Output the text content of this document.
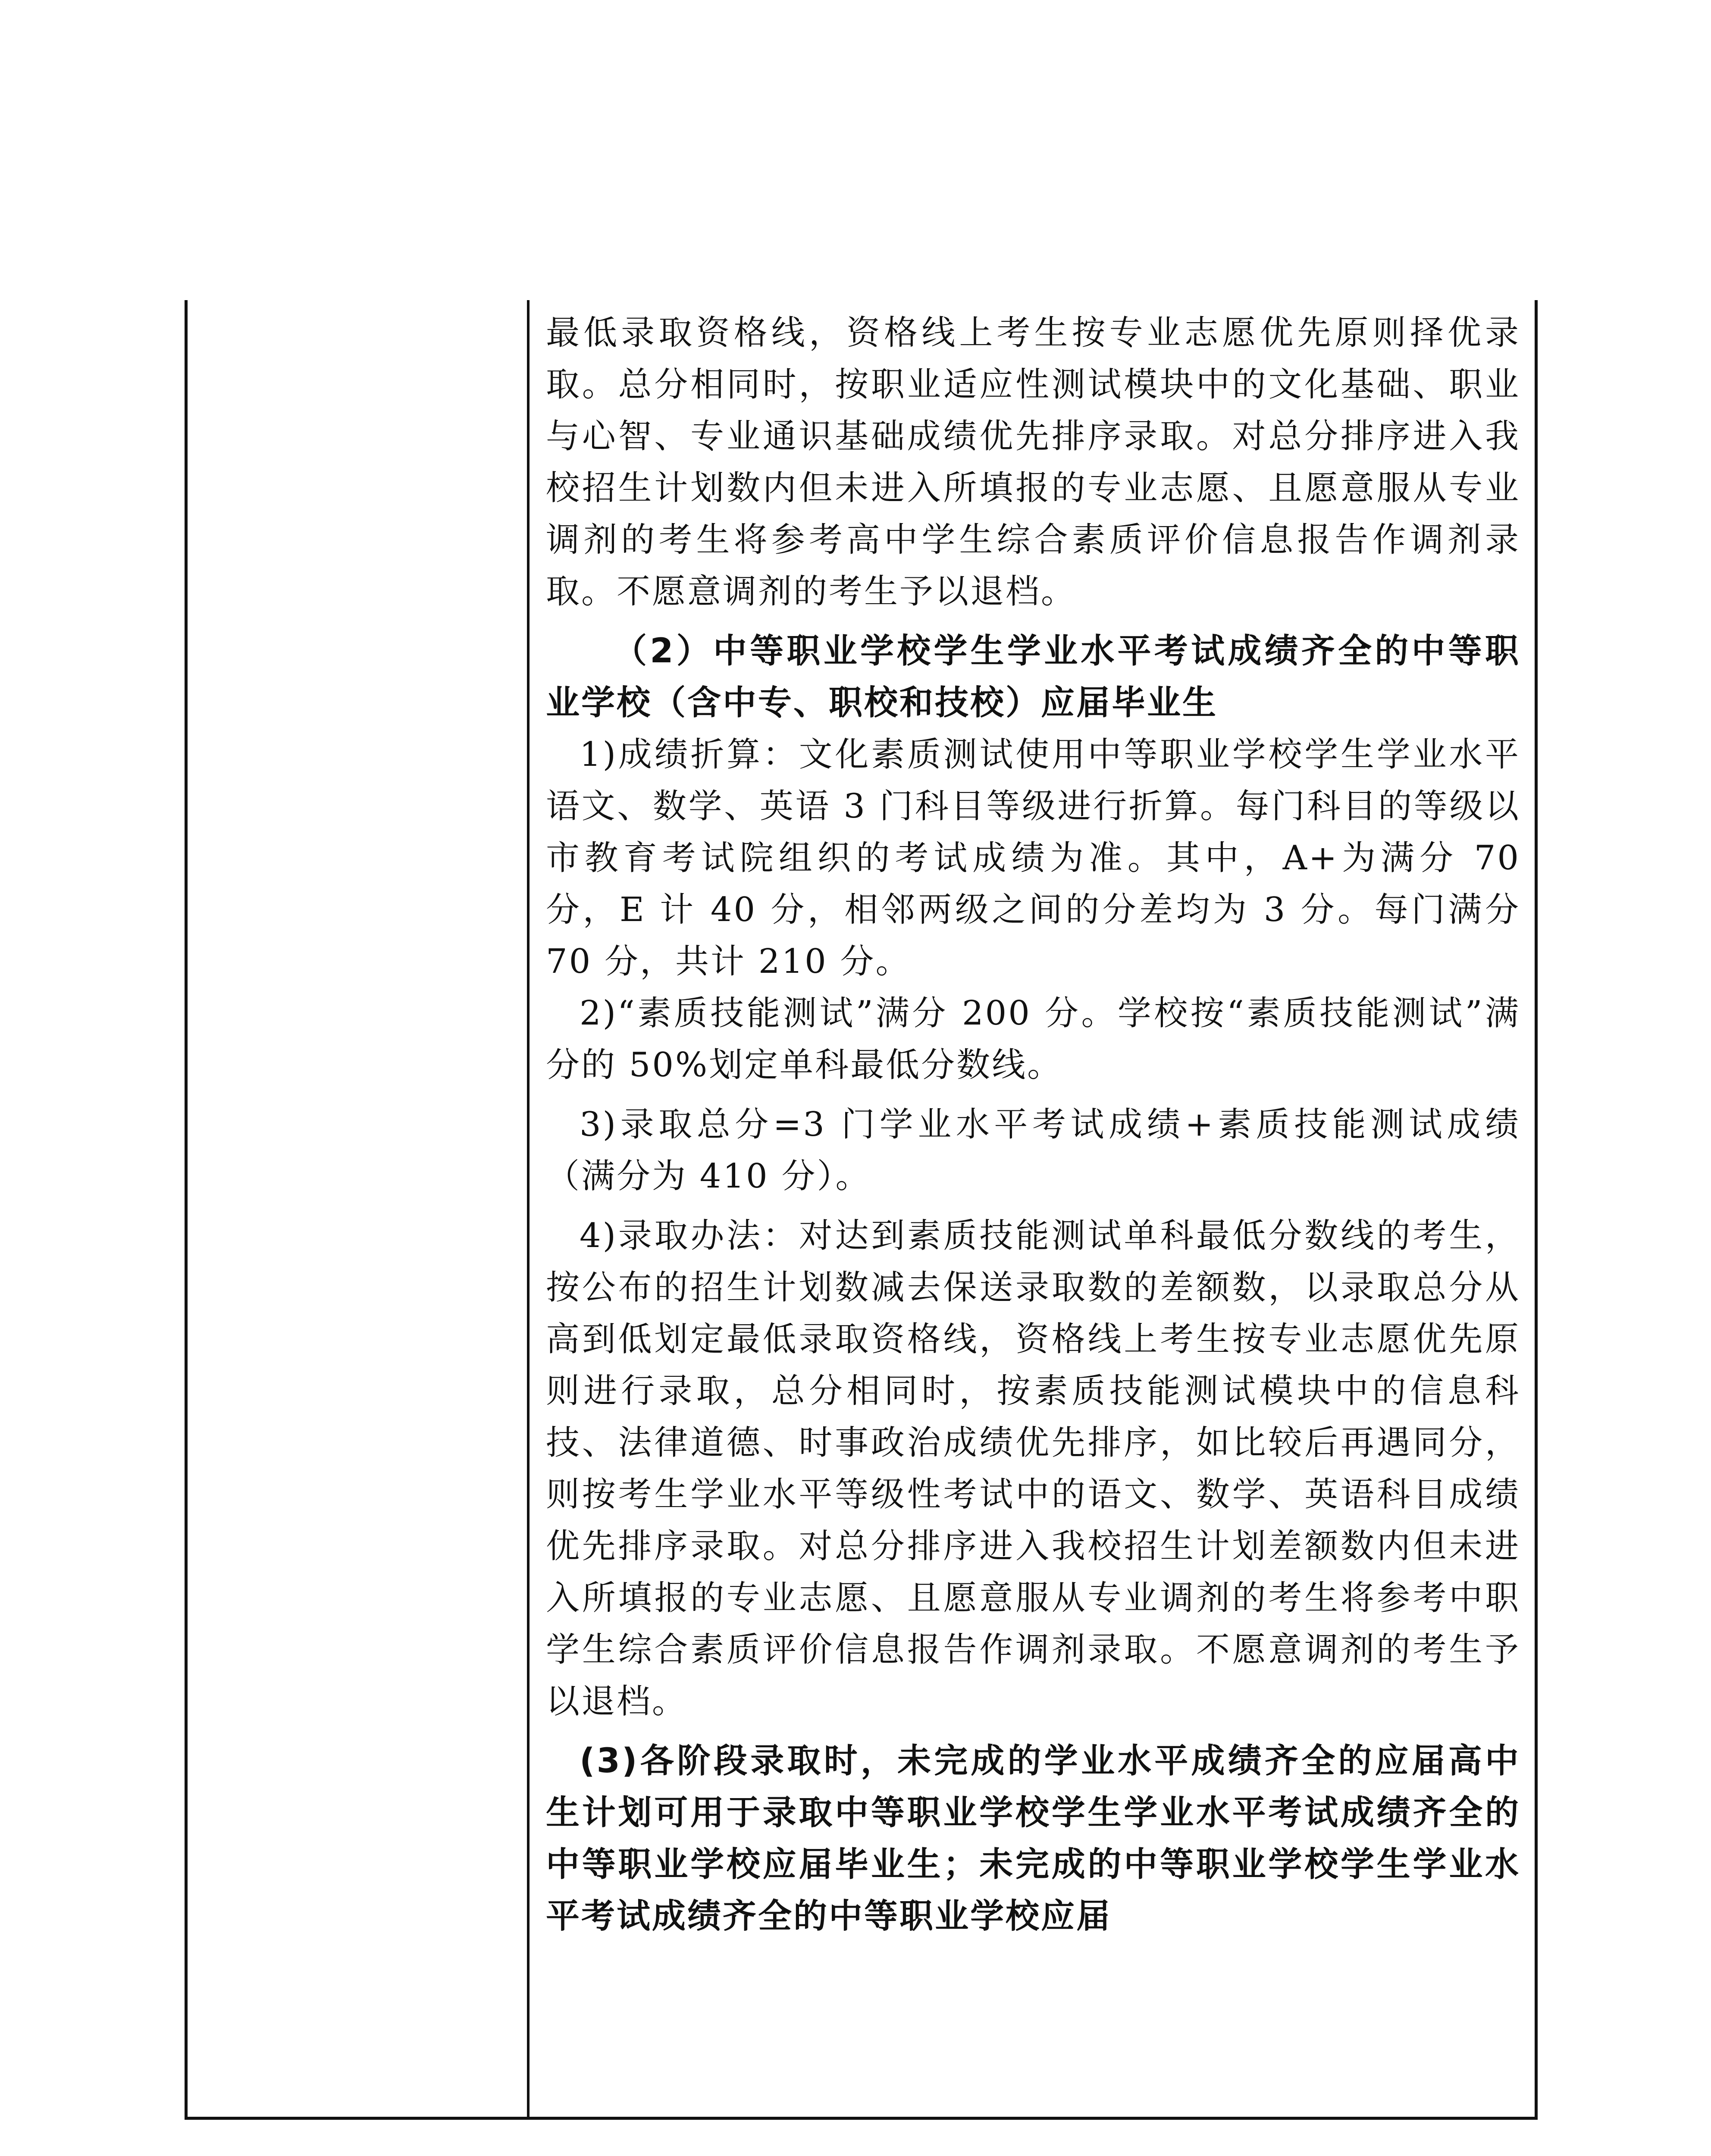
最低录取资格线，资格线上考生按专业志愿优先原则择优录取。总分相同时，按职业适应性测试模块中的文化基础、职业与心智、专业通识基础成绩优先排序录取。对总分排序进入我校招生计划数内但未进入所填报的专业志愿、且愿意服从专业调剂的考生将参考高中学生综合素质评价信息报告作调剂录取。不愿意调剂的考生予以退档。

（2）中等职业学校学生学业水平考试成绩齐全的中等职业学校（含中专、职校和技校）应届毕业生

1)成绩折算：文化素质测试使用中等职业学校学生学业水平语文、数学、英语 3 门科目等级进行折算。每门科目的等级以市教育考试院组织的考试成绩为准。其中，A+为满分 70 分，E 计 40 分，相邻两级之间的分差均为 3 分。每门满分 70 分，共计 210 分。

2)“素质技能测试”满分 200 分。学校按“素质技能测试”满分的 50%划定单科最低分数线。

3)录取总分=3 门学业水平考试成绩+素质技能测试成绩（满分为 410 分）。

4)录取办法：对达到素质技能测试单科最低分数线的考生，按公布的招生计划数减去保送录取数的差额数，以录取总分从高到低划定最低录取资格线，资格线上考生按专业志愿优先原则进行录取，总分相同时，按素质技能测试模块中的信息科技、法律道德、时事政治成绩优先排序，如比较后再遇同分，则按考生学业水平等级性考试中的语文、数学、英语科目成绩优先排序录取。对总分排序进入我校招生计划差额数内但未进入所填报的专业志愿、且愿意服从专业调剂的考生将参考中职学生综合素质评价信息报告作调剂录取。不愿意调剂的考生予以退档。

(3)各阶段录取时，未完成的学业水平成绩齐全的应届高中生计划可用于录取中等职业学校学生学业水平考试成绩齐全的中等职业学校应届毕业生；未完成的中等职业学校学生学业水平考试成绩齐全的中等职业学校应届
